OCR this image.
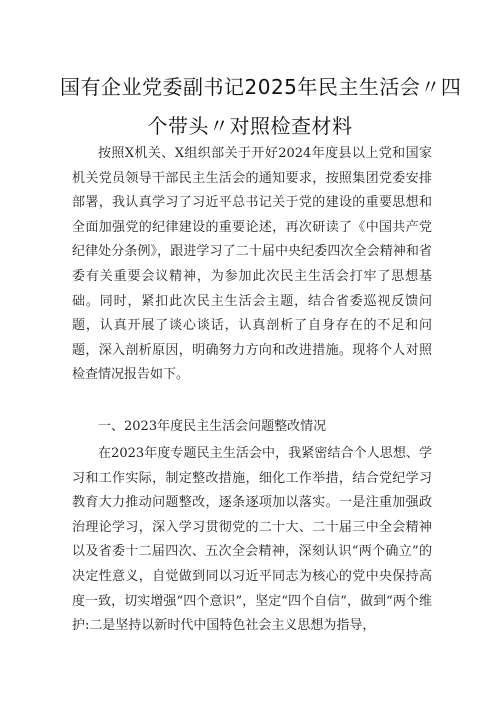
国有企业党委副书记2025年民主生活会〃四
个带头〃对照检查材料
按照X机关、X组织部关于开好2024年度县以上党和国家机关党员领导干部民主生活会的通知要求，按照集团党委安排部署，我认真学习了习近平总书记关于党的建设的重要思想和全面加强党的纪律建设的重要论述，再次研读了《中国共产党纪律处分条例》，跟进学习了二十届中央纪委四次全会精神和省委有关重要会议精神，为参加此次民主生活会打牢了思想基础。同时，紧扣此次民主生活会主题，结合省委巡视反馈问题，认真开展了谈心谈话，认真剖析了自身存在的不足和问题，深入剖析原因，明确努力方向和改进措施。现将个人对照检查情况报告如下。
一、2023年度民主生活会问题整改情况
在2023年度专题民主生活会中，我紧密结合个人思想、学习和工作实际，制定整改措施，细化工作举措，结合党纪学习教育大力推动问题整改，逐条逐项加以落实。一是注重加强政治理论学习，深入学习贯彻党的二十大、二十届三中全会精神以及省委十二届四次、五次全会精神，深刻认识“两个确立”的决定性意义，自觉做到同以习近平同志为核心的党中央保持高度一致，切实增强“四个意识”，坚定“四个自信”，做到“两个维护:二是坚持以新时代中国特色社会主义思想为指导，
